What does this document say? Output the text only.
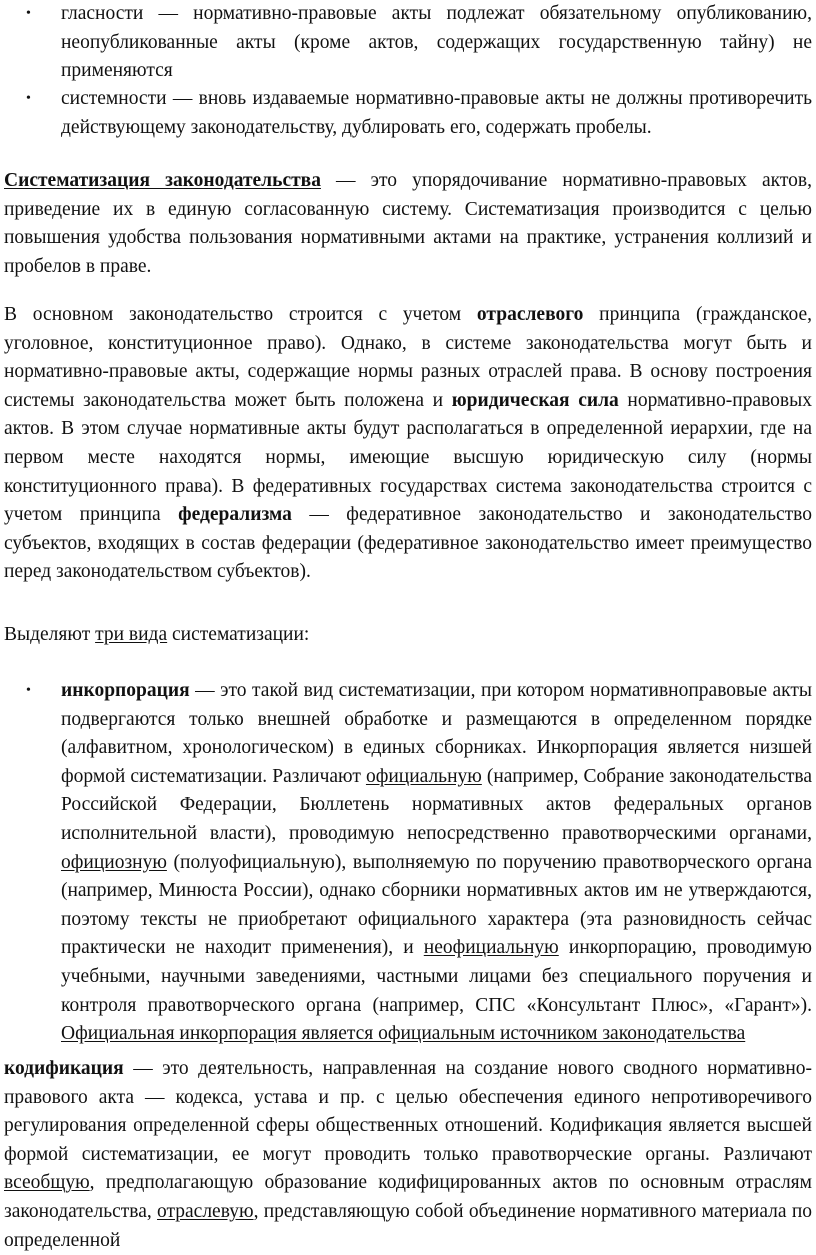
• гласности — нормативно-правовые акты подлежат обязательному опубликованию, неопубликованные акты (кроме актов, содержащих государственную тайну) не применяются

• системности — вновь издаваемые нормативно-правовые акты не должны противоречить действующему законодательству, дублировать его, содержать пробелы.

Систематизация законодательства — это упорядочивание нормативно-правовых актов, приведение их в единую согласованную систему. Систематизация производится с целью повышения удобства пользования нормативными актами на практике, устранения коллизий и пробелов в праве.

В основном законодательство строится с учетом отраслевого принципа (гражданское, уголовное, конституционное право). Однако, в системе законодательства могут быть и нормативно-правовые акты, содержащие нормы разных отраслей права. В основу построения системы законодательства может быть положена и юридическая сила нормативно-правовых актов. В этом случае нормативные акты будут располагаться в определенной иерархии, где на первом месте находятся нормы, имеющие высшую юридическую силу (нормы конституционного права). В федеративных государствах система законодательства строится с учетом принципа федерализма — федеративное законодательство и законодательство субъектов, входящих в состав федерации (федеративное законодательство имеет преимущество перед законодательством субъектов).

Выделяют три вида систематизации:

• инкорпорация — это такой вид систематизации, при котором нормативноправовые акты подвергаются только внешней обработке и размещаются в определенном порядке (алфавитном, хронологическом) в единых сборниках. Инкорпорация является низшей формой систематизации. Различают официальную (например, Собрание законодательства Российской Федерации, Бюллетень нормативных актов федеральных органов исполнительной власти), проводимую непосредственно правотворческими органами, официозную (полуофициальную), выполняемую по поручению правотворческого органа (например, Минюста России), однако сборники нормативных актов им не утверждаются, поэтому тексты не приобретают официального характера (эта разновидность сейчас практически не находит применения), и неофициальную инкорпорацию, проводимую учебными, научными заведениями, частными лицами без специального поручения и контроля правотворческого органа (например, СПС «Консультант Плюс», «Гарант»). Официальная инкорпорация является официальным источником законодательства

кодификация — это деятельность, направленная на создание нового сводного нормативно-правового акта — кодекса, устава и пр. с целью обеспечения единого непротиворечивого регулирования определенной сферы общественных отношений. Кодификация является высшей формой систематизации, ее могут проводить только правотворческие органы. Различают всеобщую, предполагающую образование кодифицированных актов по основным отраслям законодательства, отраслевую, представляющую собой объединение нормативного материала по определенной
